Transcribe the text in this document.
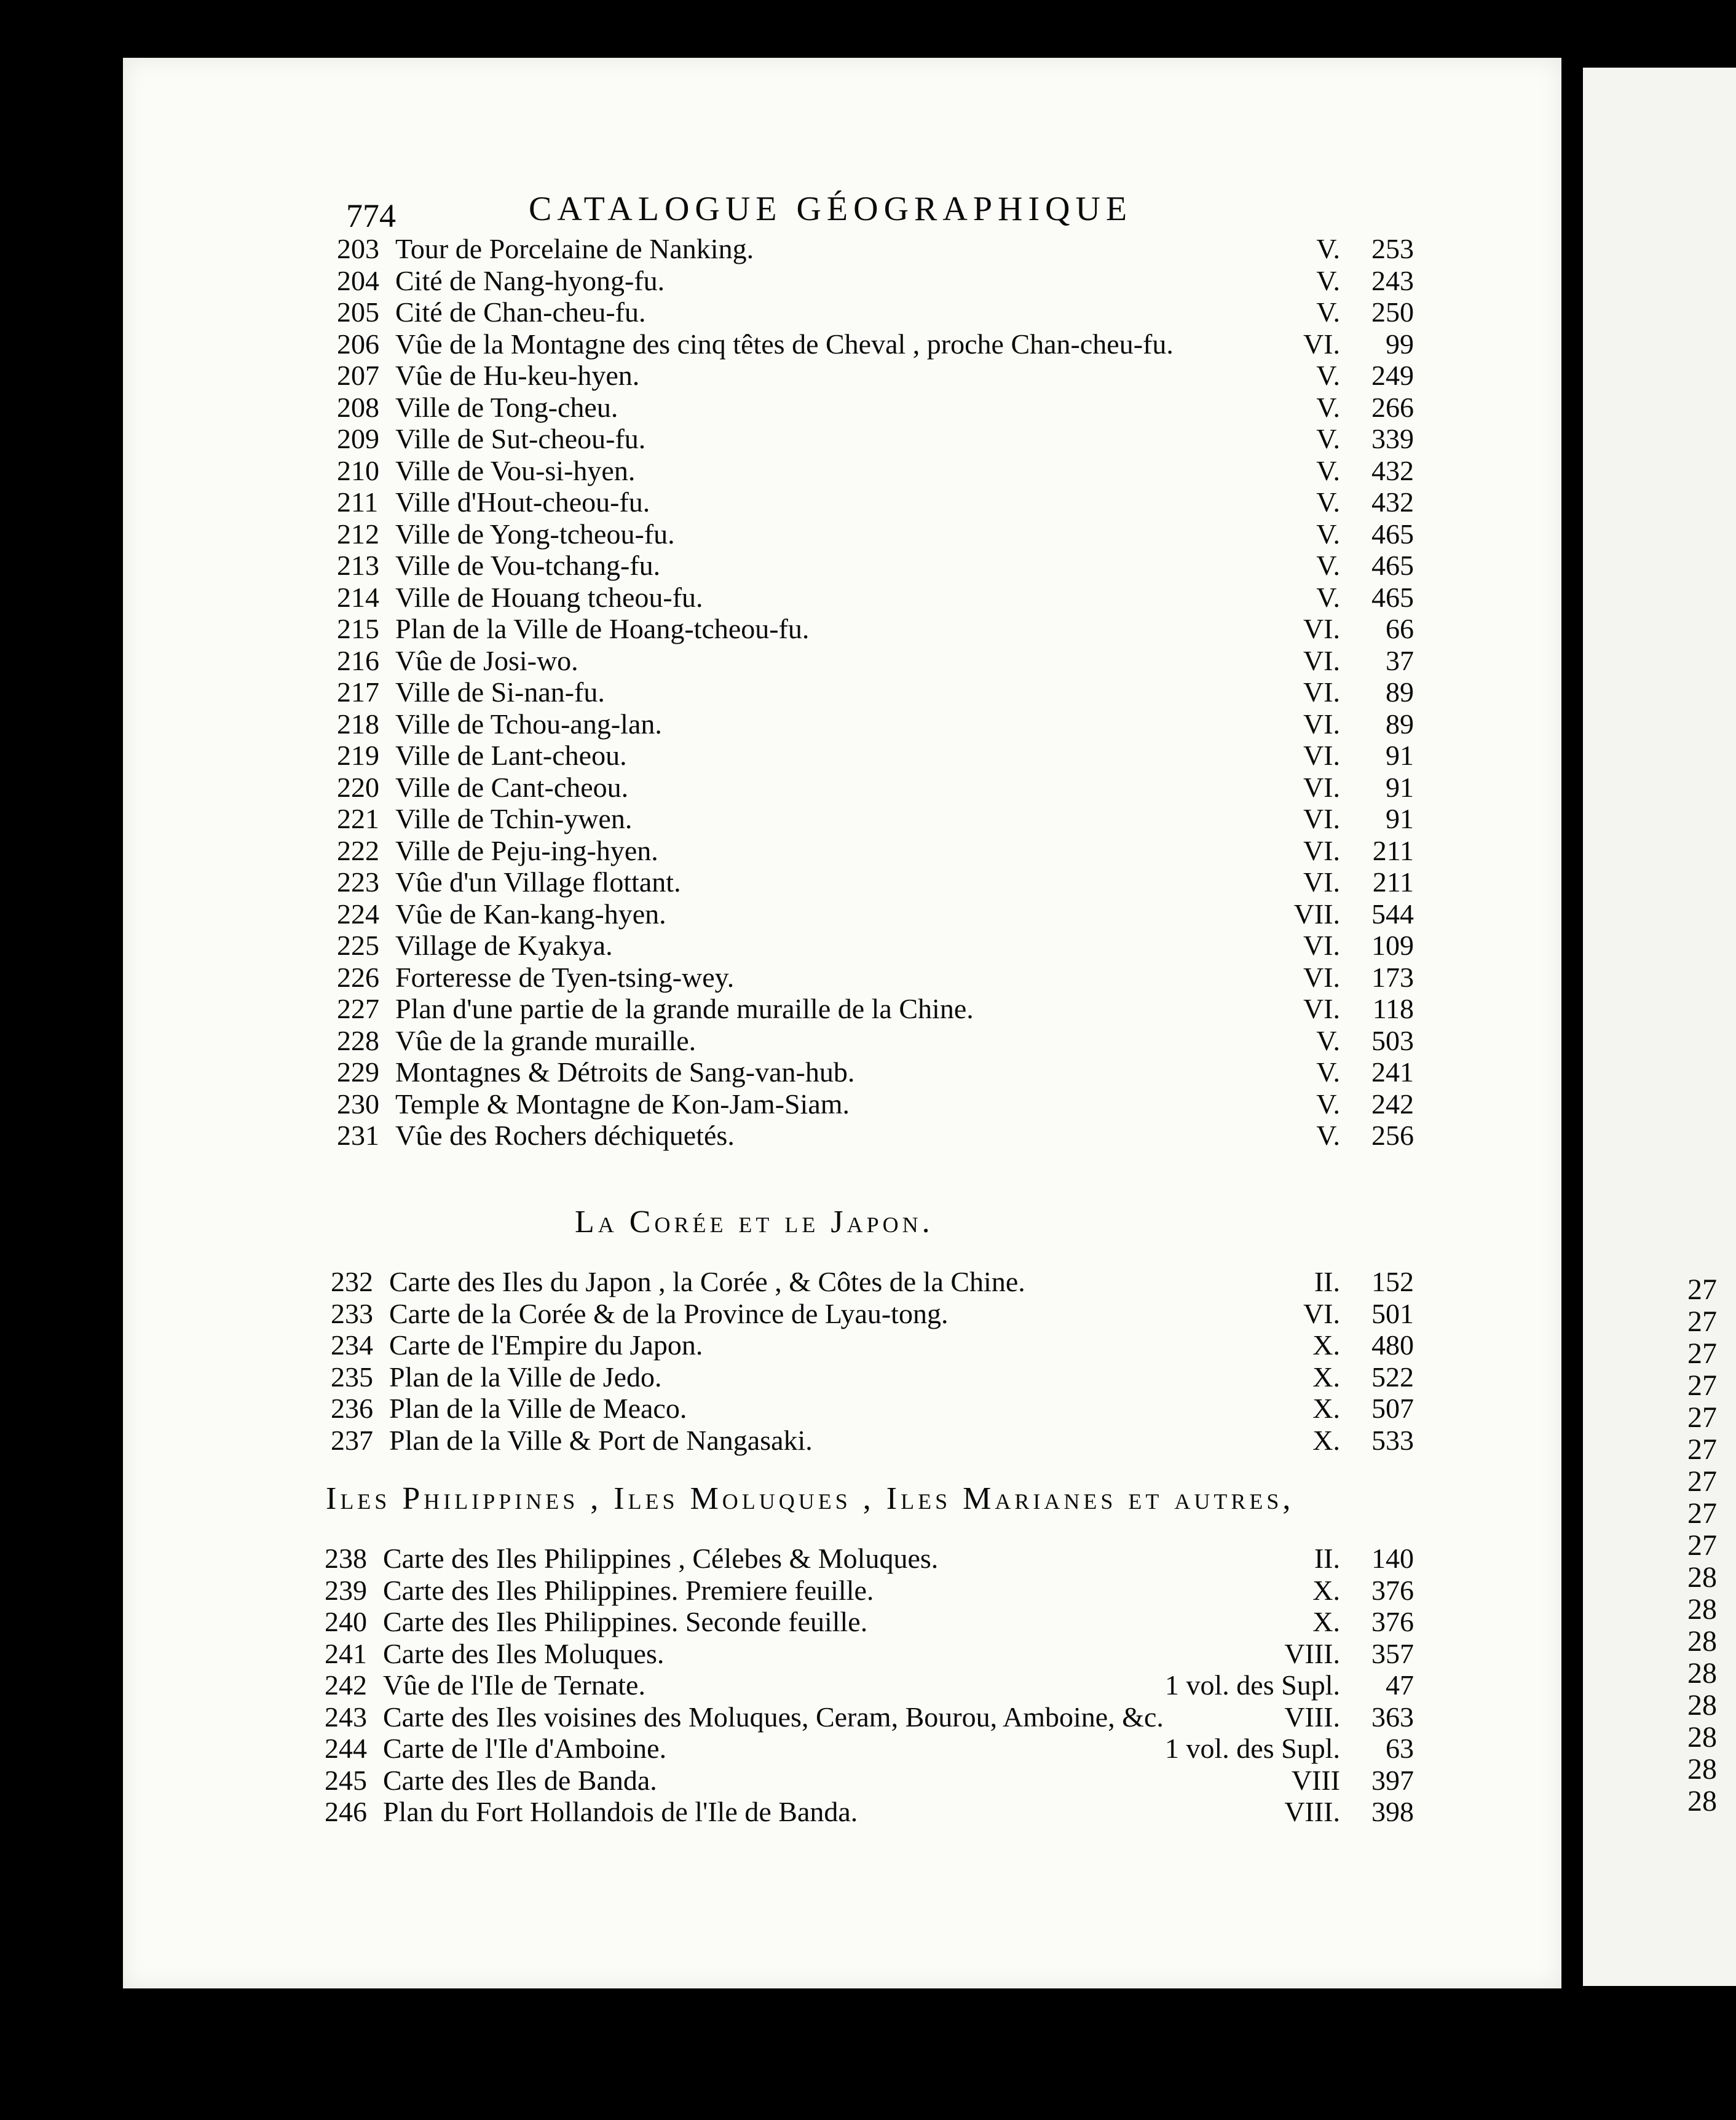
27
27
27
27
27
27
27
27
27
28
28
28
28
28
28
28
28
774	CATALOGUE GÉOGRAPHIQUE
203 Tour de Porcelaine de Nanking.	V.	253
204 Cité de Nang-hyong-fu.	V.	243
205 Cité de Chan-cheu-fu.	V.	250
206 Vûe de la Montagne des cinq têtes de Cheval , proche Chan-cheu-fu.	VI.	99
207 Vûe de Hu-keu-hyen.	V.	249
208 Ville de Tong-cheu.	V.	266
209 Ville de Sut-cheou-fu.	V.	339
210 Ville de Vou-si-hyen.	V.	432
211 Ville d'Hout-cheou-fu.	V.	432
212 Ville de Yong-tcheou-fu.	V.	465
213 Ville de Vou-tchang-fu.	V.	465
214 Ville de Houang tcheou-fu.	V.	465
215 Plan de la Ville de Hoang-tcheou-fu.	VI.	66
216 Vûe de Josi-wo.	VI.	37
217 Ville de Si-nan-fu.	VI.	89
218 Ville de Tchou-ang-lan.	VI.	89
219 Ville de Lant-cheou.	VI.	91
220 Ville de Cant-cheou.	VI.	91
221 Ville de Tchin-ywen.	VI.	91
222 Ville de Peju-ing-hyen.	VI.	211
223 Vûe d'un Village flottant.	VI.	211
224 Vûe de Kan-kang-hyen.	VII.	544
225 Village de Kyakya.	VI.	109
226 Forteresse de Tyen-tsing-wey.	VI.	173
227 Plan d'une partie de la grande muraille de la Chine.	VI.	118
228 Vûe de la grande muraille.	V.	503
229 Montagnes & Détroits de Sang-van-hub.	V.	241
230 Temple & Montagne de Kon-Jam-Siam.	V.	242
231 Vûe des Rochers déchiquetés.	V.	256
La Corée et le Japon.
232 Carte des Iles du Japon , la Corée , & Côtes de la Chine.	II.	152
233 Carte de la Corée & de la Province de Lyau-tong.	VI.	501
234 Carte de l'Empire du Japon.	X.	480
235 Plan de la Ville de Jedo.	X.	522
236 Plan de la Ville de Meaco.	X.	507
237 Plan de la Ville & Port de Nangasaki.	X.	533
Iles Philippines , Iles Moluques , Iles Marianes et autres,
238 Carte des Iles Philippines , Célebes & Moluques.	II.	140
239 Carte des Iles Philippines. Premiere feuille.	X.	376
240 Carte des Iles Philippines. Seconde feuille.	X.	376
241 Carte des Iles Moluques.	VIII.	357
242 Vûe de l'Ile de Ternate.	1 vol. des Supl.	47
243 Carte des Iles voisines des Moluques, Ceram, Bourou, Amboine, &c.	VIII.	363
244 Carte de l'Ile d'Amboine.	1 vol. des Supl.	63
245 Carte des Iles de Banda.	VIII	397
246 Plan du Fort Hollandois de l'Ile de Banda.	VIII.	398
